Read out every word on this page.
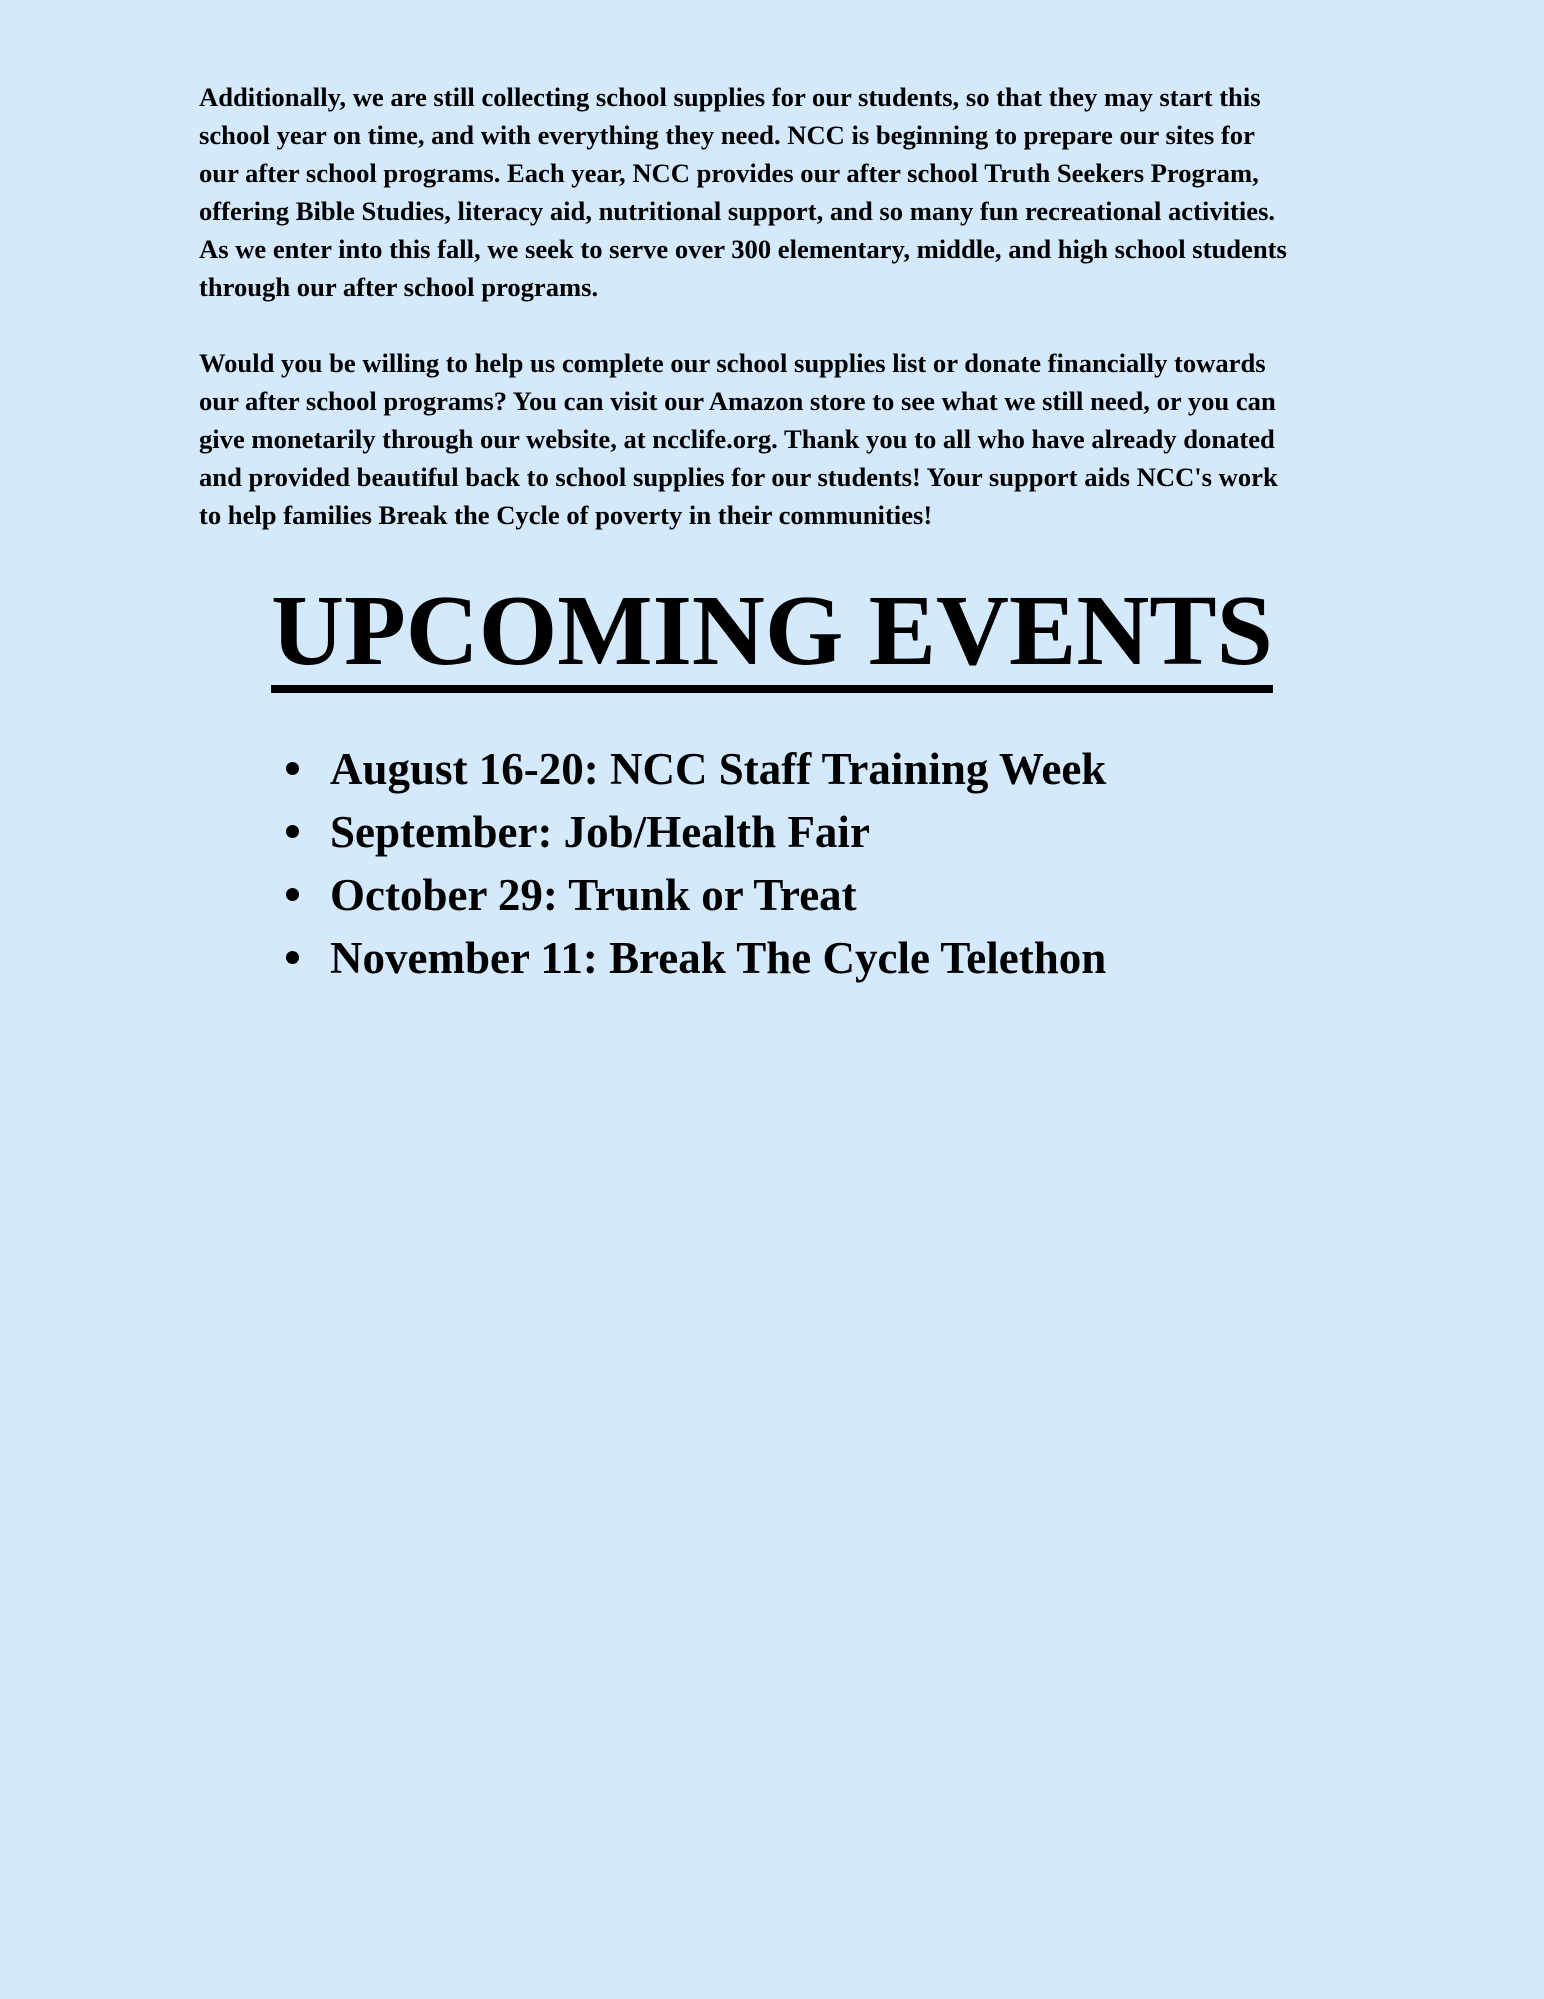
Additionally, we are still collecting school supplies for our students, so that they may start this
school year on time, and with everything they need. NCC is beginning to prepare our sites for
our after school programs. Each year, NCC provides our after school Truth Seekers Program,
offering Bible Studies, literacy aid, nutritional support, and so many fun recreational activities.
As we enter into this fall, we seek to serve over 300 elementary, middle, and high school students
through our after school programs.

Would you be willing to help us complete our school supplies list or donate financially towards
our after school programs? You can visit our Amazon store to see what we still need, or you can
give monetarily through our website, at ncclife.org. Thank you to all who have already donated
and provided beautiful back to school supplies for our students! Your support aids NCC's work
to help families Break the Cycle of poverty in their communities!

UPCOMING EVENTS
August 16-20: NCC Staff Training Week
September: Job/Health Fair
October 29: Trunk or Treat
November 11: Break The Cycle Telethon
